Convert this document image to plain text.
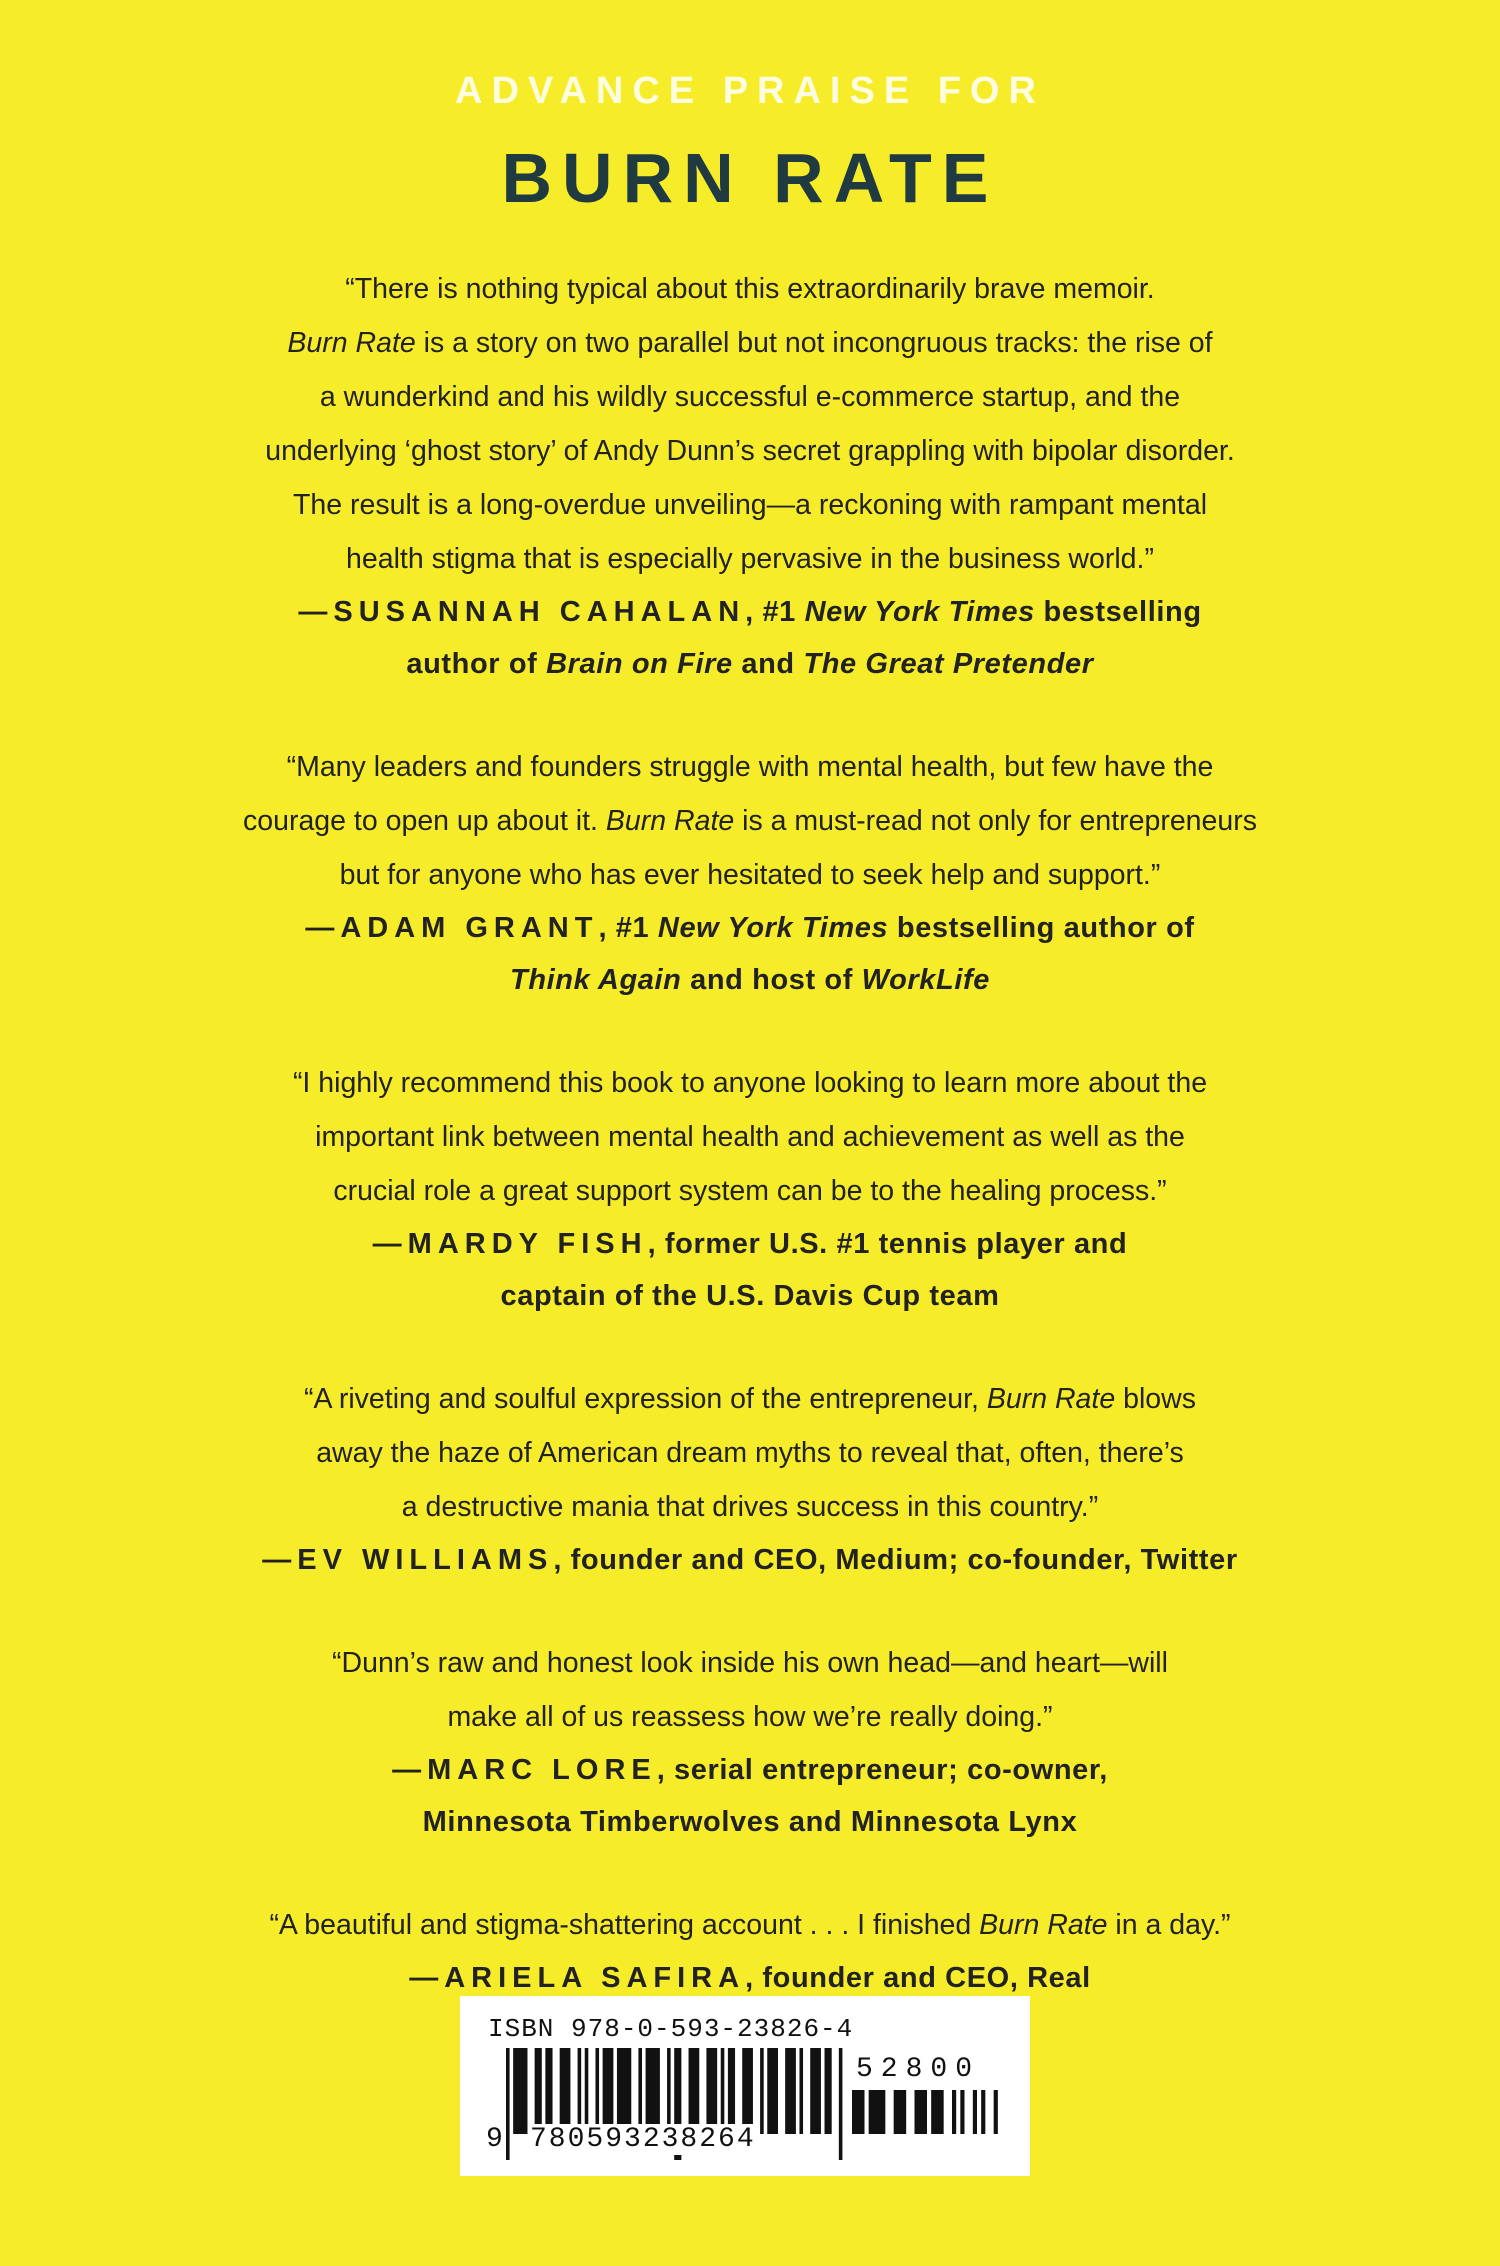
ADVANCE PRAISE FOR
BURN RATE
“There is nothing typical about this extraordinarily brave memoir.
Burn Rate is a story on two parallel but not incongruous tracks: the rise of
a wunderkind and his wildly successful e-commerce startup, and the
underlying ‘ghost story’ of Andy Dunn’s secret grappling with bipolar disorder.
The result is a long-overdue unveiling—a reckoning with rampant mental
health stigma that is especially pervasive in the business world.”
—SUSANNAH CAHALAN, #1 New York Times bestselling
author of Brain on Fire and The Great Pretender
“Many leaders and founders struggle with mental health, but few have the
courage to open up about it. Burn Rate is a must-read not only for entrepreneurs
but for anyone who has ever hesitated to seek help and support.”
—ADAM GRANT, #1 New York Times bestselling author of
Think Again and host of WorkLife
“I highly recommend this book to anyone looking to learn more about the
important link between mental health and achievement as well as the
crucial role a great support system can be to the healing process.”
—MARDY FISH, former U.S. #1 tennis player and
captain of the U.S. Davis Cup team
“A riveting and soulful expression of the entrepreneur, Burn Rate blows
away the haze of American dream myths to reveal that, often, there’s
a destructive mania that drives success in this country.”
—EV WILLIAMS, founder and CEO, Medium; co-founder, Twitter
“Dunn’s raw and honest look inside his own head—and heart—will
make all of us reassess how we’re really doing.”
—MARC LORE, serial entrepreneur; co-owner,
Minnesota Timberwolves and Minnesota Lynx
“A beautiful and stigma-shattering account . . . I finished Burn Rate in a day.”
—ARIELA SAFIRA, founder and CEO, Real
ISBN 978-0-593-23826-4
52800
9 780593238264
